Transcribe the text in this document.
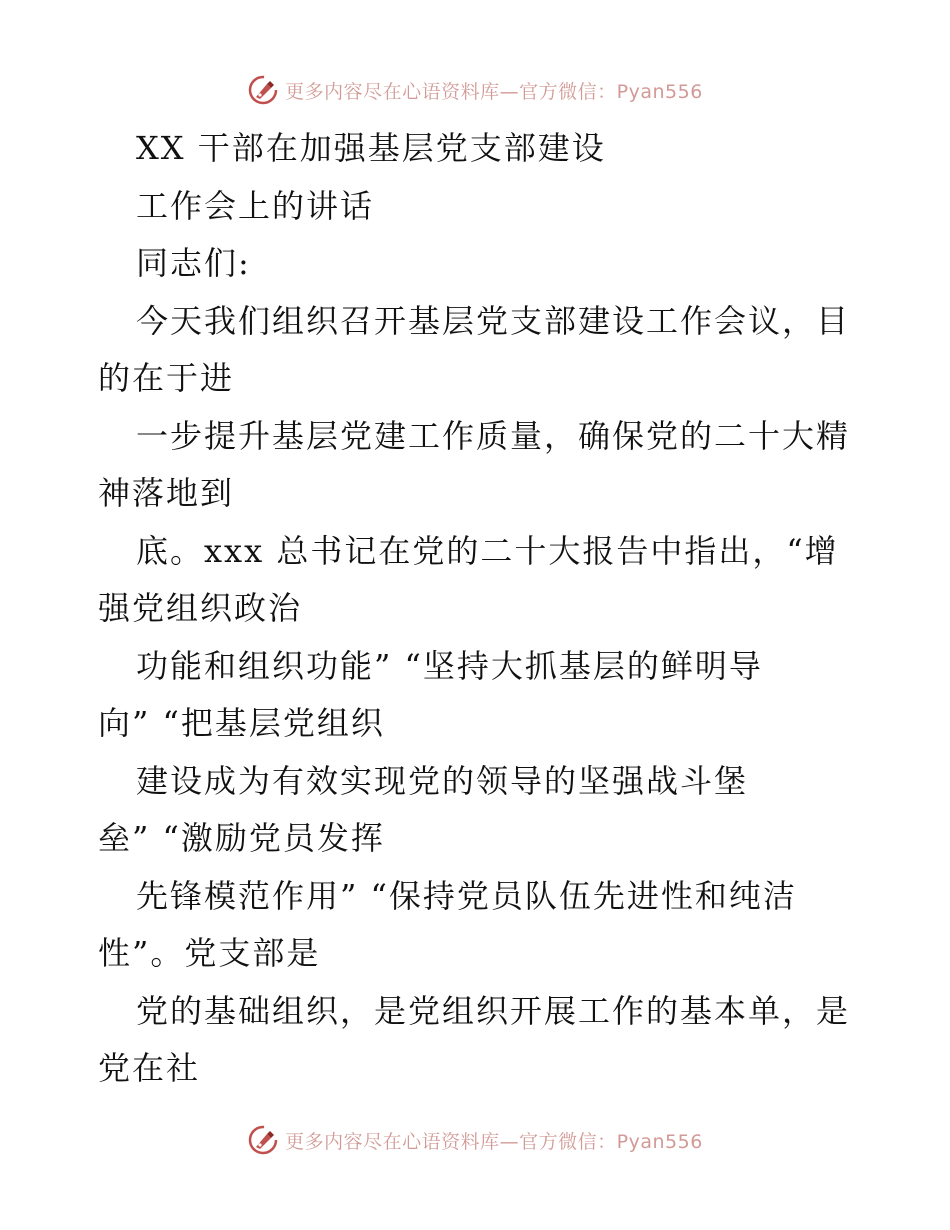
更多内容尽在心语资料库—官方微信：Pyan556
XX 干部在加强基层党支部建设
工作会上的讲话
同志们:
今天我们组织召开基层党支部建设工作会议，目
的在于进
一步提升基层党建工作质量，确保党的二十大精
神落地到
底。xxx 总书记在党的二十大报告中指出，“增
强党组织政治
功能和组织功能” “坚持大抓基层的鲜明导
向” “把基层党组织
建设成为有效实现党的领导的坚强战斗堡
垒” “激励党员发挥
先锋模范作用” “保持党员队伍先进性和纯洁
性”。党支部是
党的基础组织，是党组织开展工作的基本单，是
党在社
更多内容尽在心语资料库—官方微信：Pyan556
